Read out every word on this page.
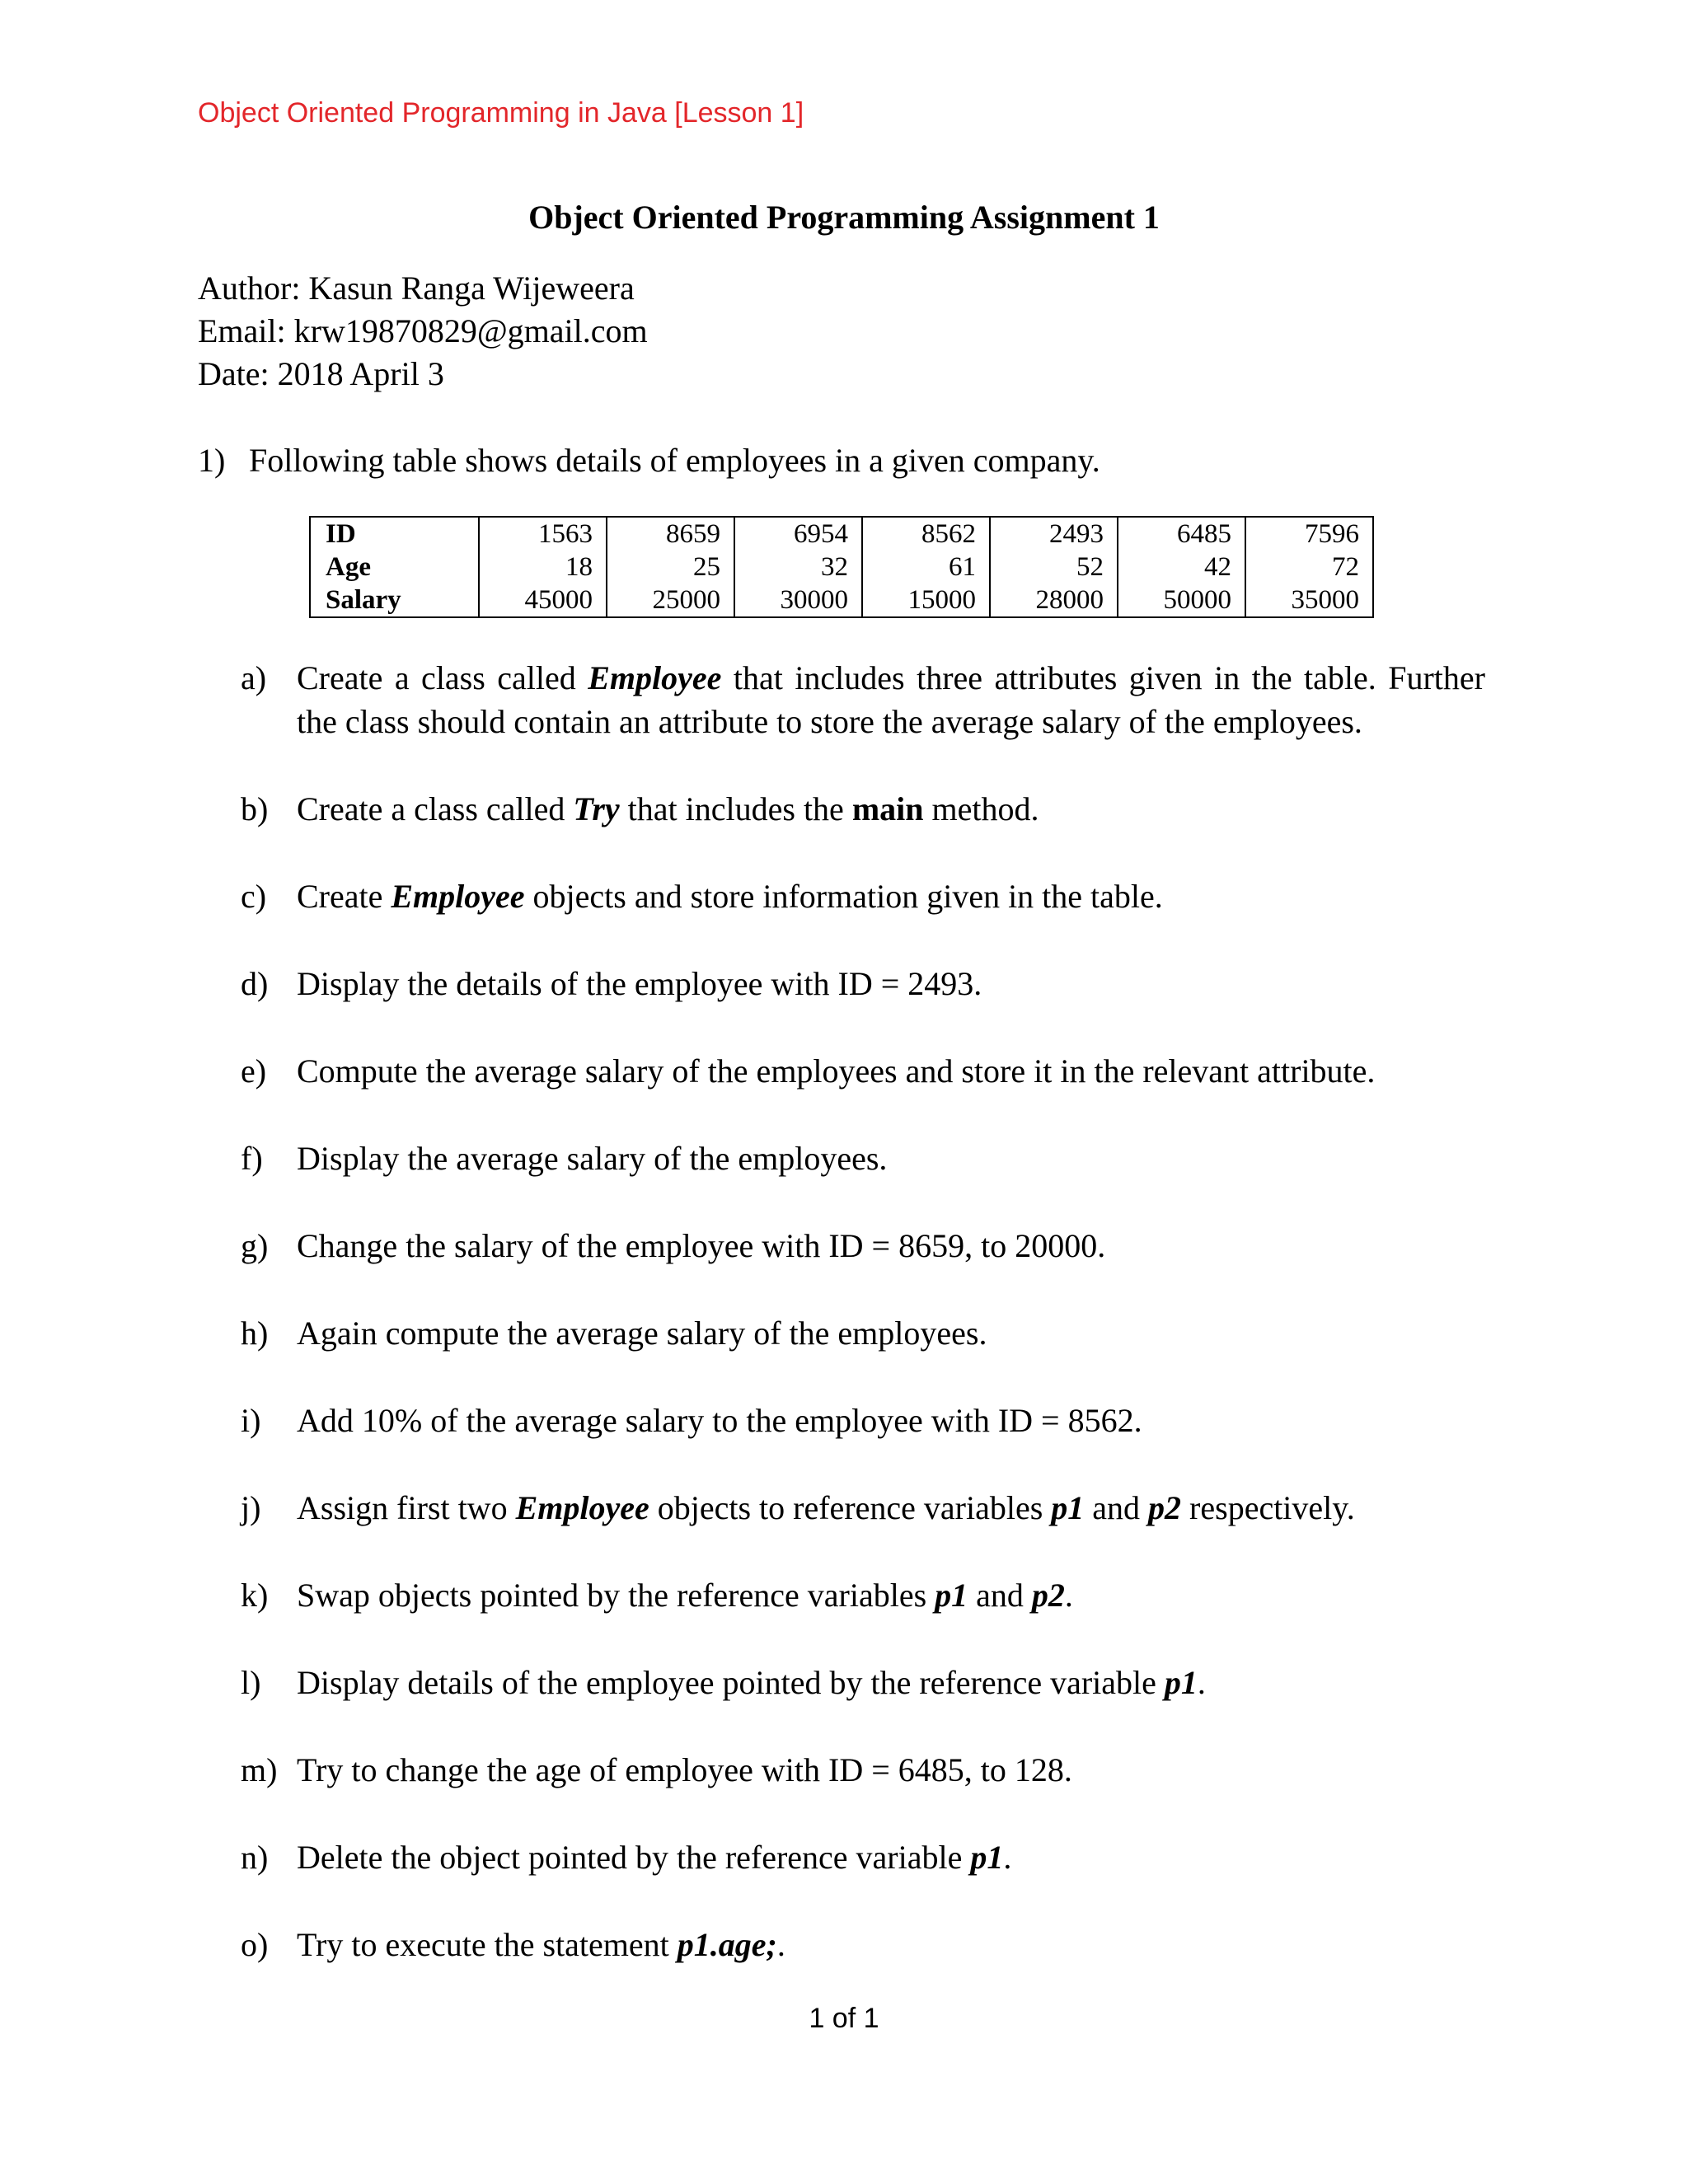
Object Oriented Programming in Java [Lesson 1]
Object Oriented Programming Assignment 1
Author: Kasun Ranga Wijeweera
Email: krw19870829@gmail.com
Date: 2018 April 3
1) Following table shows details of employees in a given company.
ID	1563	8659	6954	8562	2493	6485	7596
Age	18	25	32	61	52	42	72
Salary	45000	25000	30000	15000	28000	50000	35000
a) Create a class called Employee that includes three attributes given in the table. Further the class should contain an attribute to store the average salary of the employees.
b) Create a class called Try that includes the main method.
c) Create Employee objects and store information given in the table.
d) Display the details of the employee with ID = 2493.
e) Compute the average salary of the employees and store it in the relevant attribute.
f)	Display the average salary of the employees.
g) Change the salary of the employee with ID = 8659, to 20000.
h) Again compute the average salary of the employees.
i)	Add 10% of the average salary to the employee with ID = 8562.
j)	Assign first two Employee objects to reference variables p1 and p2 respectively.
k) Swap objects pointed by the reference variables p1 and p2.
l)	Display details of the employee pointed by the reference variable p1.
m) Try to change the age of employee with ID = 6485, to 128.
n) Delete the object pointed by the reference variable p1.
o) Try to execute the statement p1.age;.
1 of 1
